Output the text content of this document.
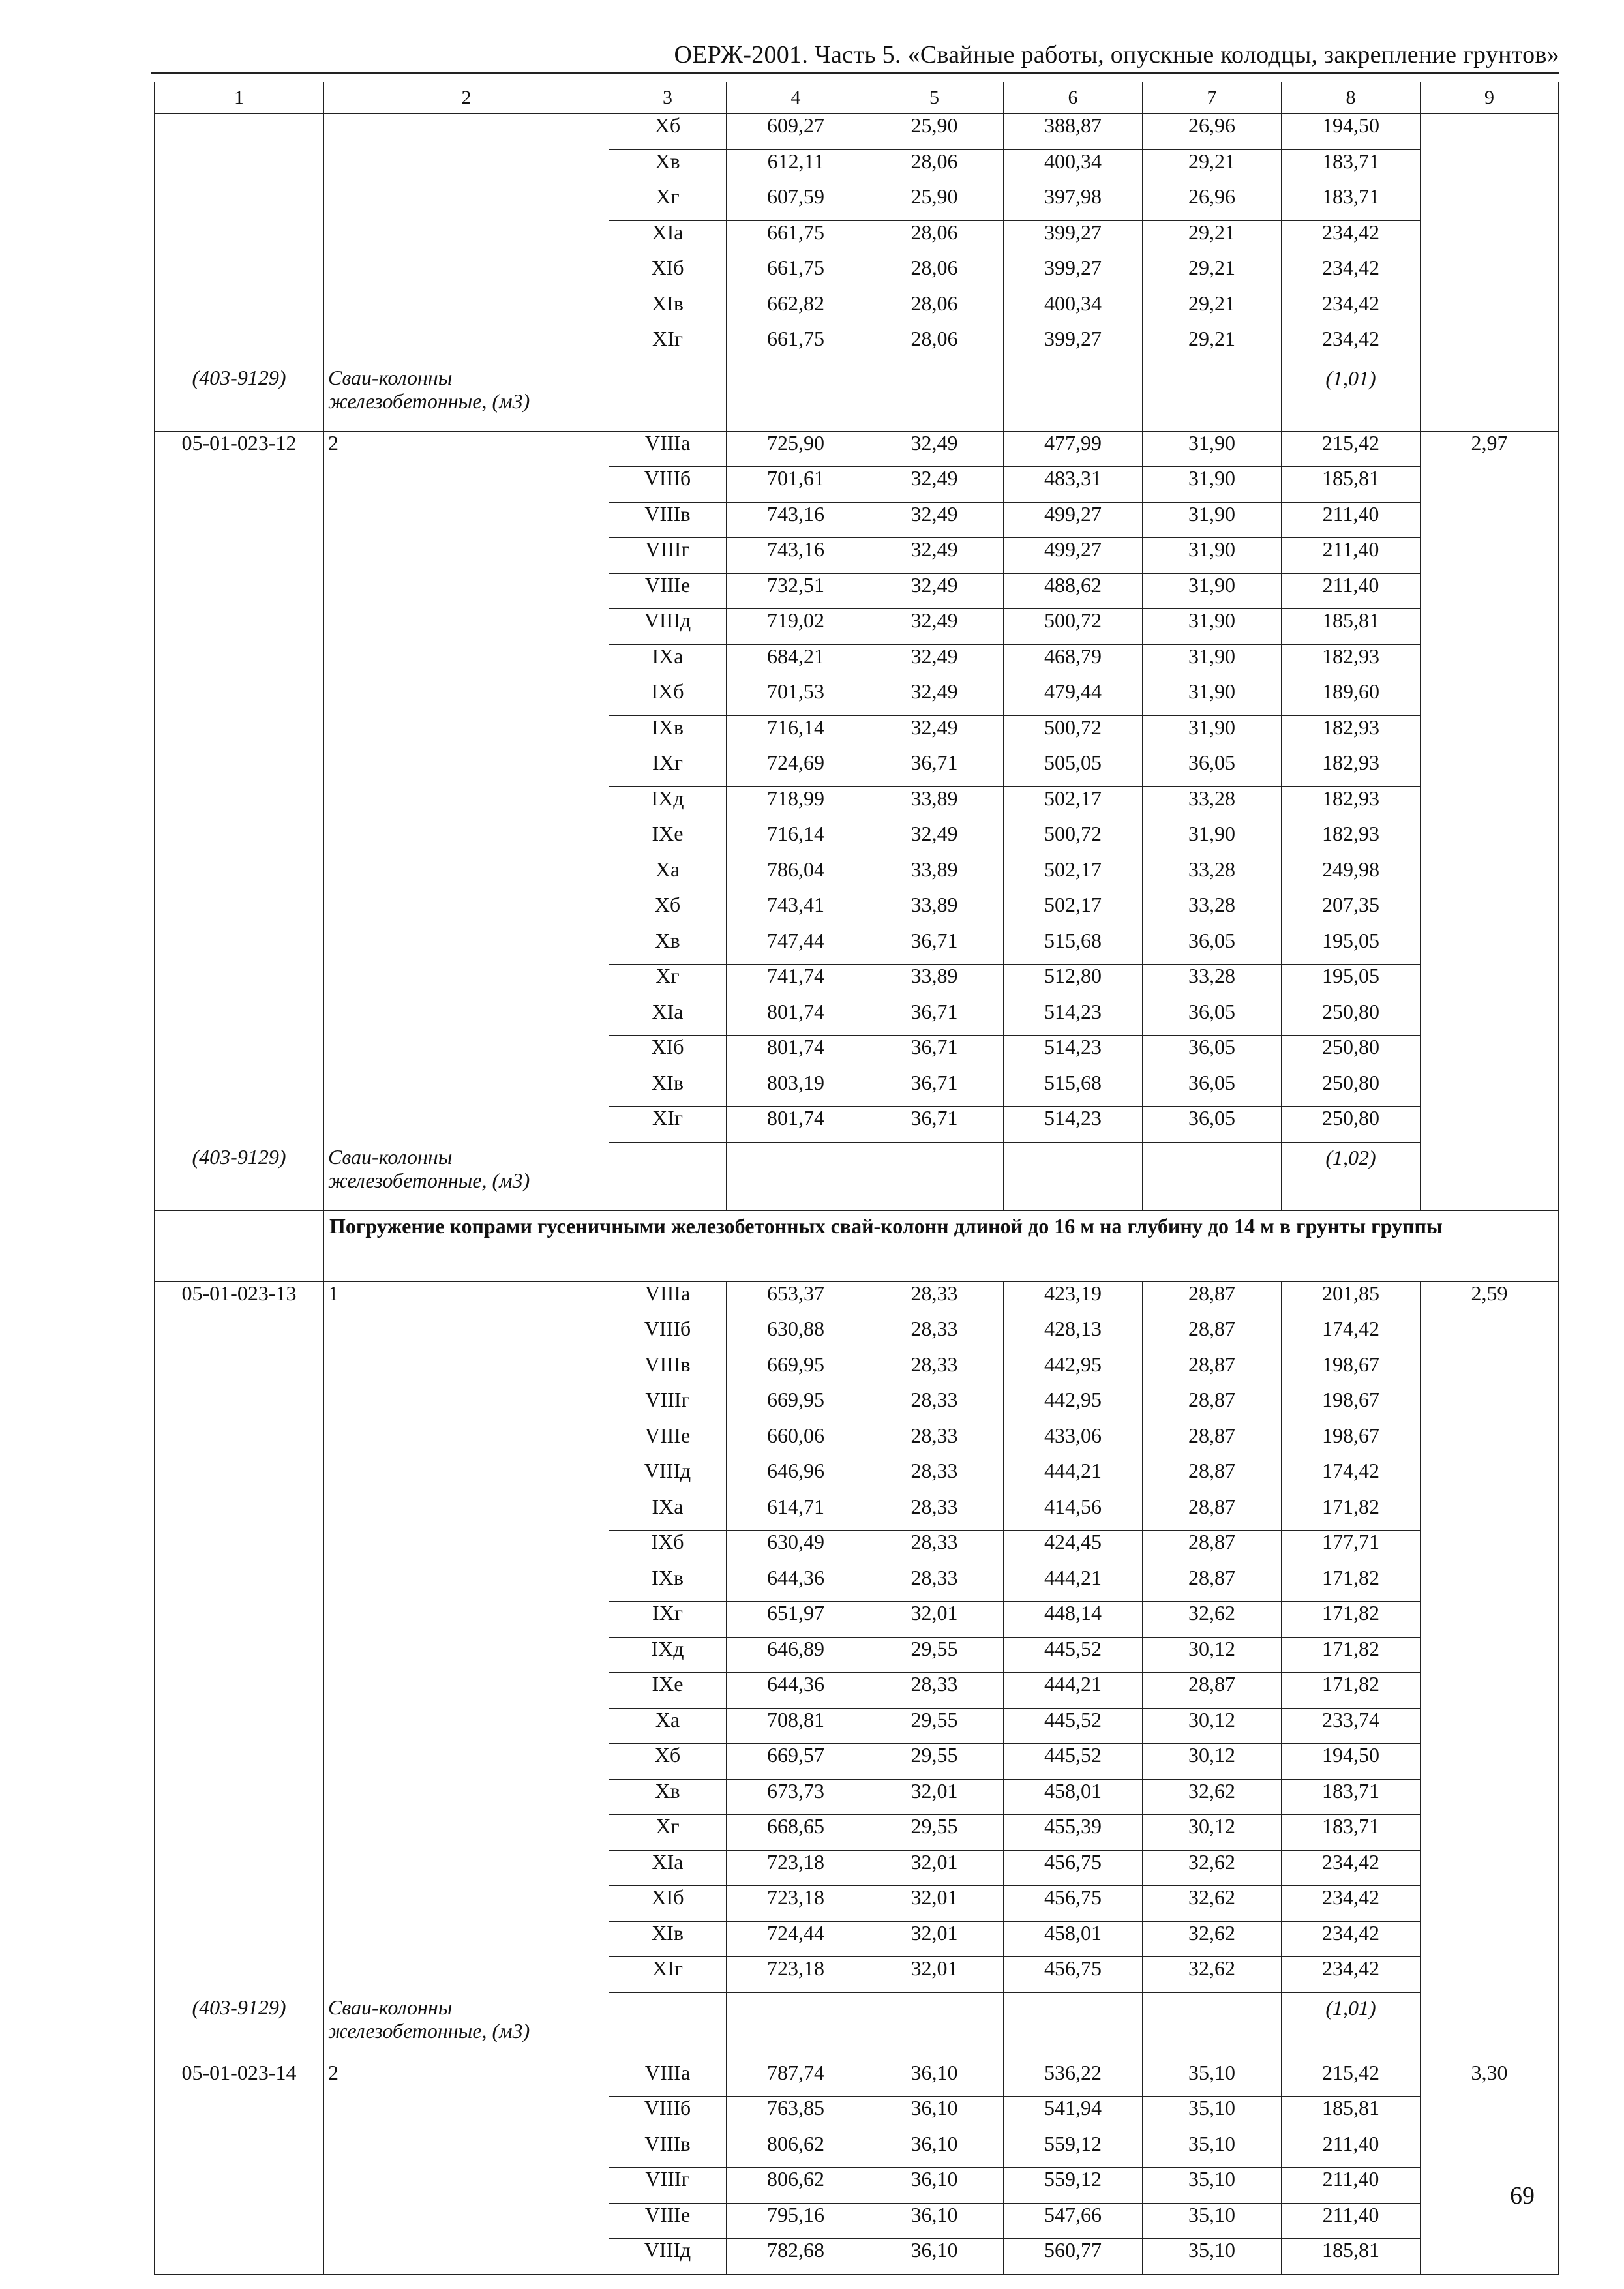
ОЕРЖ-2001. Часть 5. «Свайные работы, опускные колодцы, закрепление грунтов»
1	2	3	4	5	6	7	8	9
		Хб	609,27	25,90	388,87	26,96	194,50	
		Хв	612,11	28,06	400,34	29,21	183,71	
		Хг	607,59	25,90	397,98	26,96	183,71	
		XIa	661,75	28,06	399,27	29,21	234,42	
		XIб	661,75	28,06	399,27	29,21	234,42	
		XIв	662,82	28,06	400,34	29,21	234,42	
		XIг	661,75	28,06	399,27	29,21	234,42	
(403-9129)	Сваи-колонны железобетонные, (м3)						(1,01)	
05-01-023-12	2	VIIIa	725,90	32,49	477,99	31,90	215,42	2,97
		VIIIб	701,61	32,49	483,31	31,90	185,81	
		VIIIв	743,16	32,49	499,27	31,90	211,40	
		VIIIг	743,16	32,49	499,27	31,90	211,40	
		VIIIe	732,51	32,49	488,62	31,90	211,40	
		VIIIд	719,02	32,49	500,72	31,90	185,81	
		IXa	684,21	32,49	468,79	31,90	182,93	
		IXб	701,53	32,49	479,44	31,90	189,60	
		IXв	716,14	32,49	500,72	31,90	182,93	
		IXг	724,69	36,71	505,05	36,05	182,93	
		IXд	718,99	33,89	502,17	33,28	182,93	
		IXe	716,14	32,49	500,72	31,90	182,93	
		Xa	786,04	33,89	502,17	33,28	249,98	
		Хб	743,41	33,89	502,17	33,28	207,35	
		Хв	747,44	36,71	515,68	36,05	195,05	
		Хг	741,74	33,89	512,80	33,28	195,05	
		XIa	801,74	36,71	514,23	36,05	250,80	
		XIб	801,74	36,71	514,23	36,05	250,80	
		XIв	803,19	36,71	515,68	36,05	250,80	
		XIг	801,74	36,71	514,23	36,05	250,80	
(403-9129)	Сваи-колонны железобетонные, (м3)						(1,02)	
	Погружение копрами гусеничными железобетонных свай-колонн длиной до 16 м на глубину до 14 м в грунты группы							
05-01-023-13	1	VIIIa	653,37	28,33	423,19	28,87	201,85	2,59
		VIIIб	630,88	28,33	428,13	28,87	174,42	
		VIIIв	669,95	28,33	442,95	28,87	198,67	
		VIIIг	669,95	28,33	442,95	28,87	198,67	
		VIIIe	660,06	28,33	433,06	28,87	198,67	
		VIIIд	646,96	28,33	444,21	28,87	174,42	
		IXa	614,71	28,33	414,56	28,87	171,82	
		IXб	630,49	28,33	424,45	28,87	177,71	
		IXв	644,36	28,33	444,21	28,87	171,82	
		IXг	651,97	32,01	448,14	32,62	171,82	
		IXд	646,89	29,55	445,52	30,12	171,82	
		IXe	644,36	28,33	444,21	28,87	171,82	
		Xa	708,81	29,55	445,52	30,12	233,74	
		Хб	669,57	29,55	445,52	30,12	194,50	
		Хв	673,73	32,01	458,01	32,62	183,71	
		Хг	668,65	29,55	455,39	30,12	183,71	
		XIa	723,18	32,01	456,75	32,62	234,42	
		XIб	723,18	32,01	456,75	32,62	234,42	
		XIв	724,44	32,01	458,01	32,62	234,42	
		XIг	723,18	32,01	456,75	32,62	234,42	
(403-9129)	Сваи-колонны железобетонные, (м3)						(1,01)	
05-01-023-14	2	VIIIa	787,74	36,10	536,22	35,10	215,42	3,30
		VIIIб	763,85	36,10	541,94	35,10	185,81	
		VIIIв	806,62	36,10	559,12	35,10	211,40	
		VIIIг	806,62	36,10	559,12	35,10	211,40	
		VIIIe	795,16	36,10	547,66	35,10	211,40	
		VIIIд	782,68	36,10	560,77	35,10	185,81	
69
